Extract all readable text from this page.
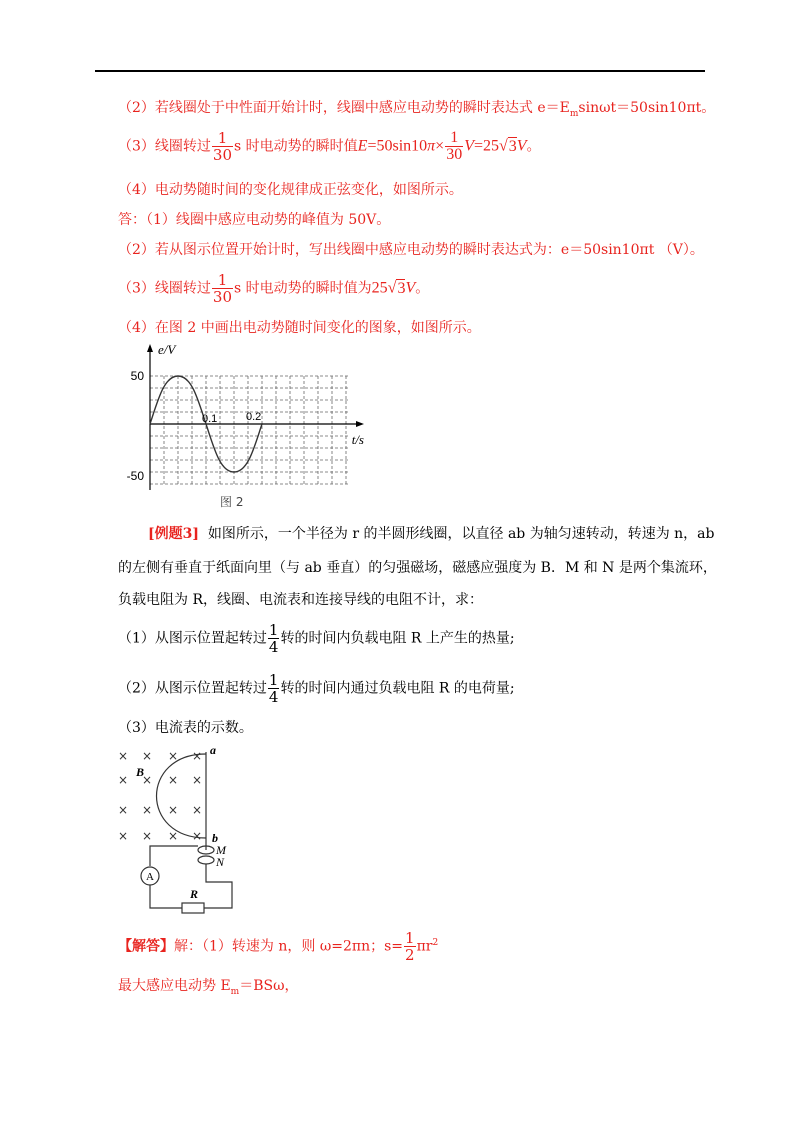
（2）若线圈处于中性面开始计时，线圈中感应电动势的瞬时表达式 $e=E_m\sin\omega t=50\sin 10\pi t$。
（3）线圈转过 $\frac{1}{30}$ s 时电动势的瞬时值$E=50\sin 10\pi\times \frac{1}{30} V=25√3V$。
（4）电动势随时间的变化规律成正弦变化，如图所示。
答：（1）线圈中感应电动势的峰值为 50V。
（2）若从图示位置开始计时，写出线圈中感应电动势的瞬时表达式为：e＝50sin10πt （V）。
（3）线圈转过 $\frac{1}{30}$ s 时电动势的瞬时值为25√3V。
（4）在图 2 中画出电动势随时间变化的图象，如图所示。
e/V
t/s
50
-50
0.1	0.2
图 2
[例题3] 如图所示，一个半径为 r 的半圆形线圈，以直径 ab 为轴匀速转动，转速为 n，ab
的左侧有垂直于纸面向里（与 ab 垂直）的匀强磁场，磁感应强度为 B．M 和 N 是两个集流环，
负载电阻为 R，线圈、电流表和连接导线的电阻不计，求：
（1）从图示位置起转过 $\frac{1}{4}$ 转的时间内负载电阻 R 上产生的热量;
（2）从图示位置起转过 $\frac{1}{4}$ 转的时间内通过负载电阻 R 的电荷量;
（3）电流表的示数。
× × × ×
× × × ×
× × × ×
× × × ×
B
a
b
M
N
A
R
【解答】解：（1）转速为 n，则 ω=2πn；$s= \frac{1}{2} \pi r^2$
最大感应电动势 $E_m=BS\omega$，
